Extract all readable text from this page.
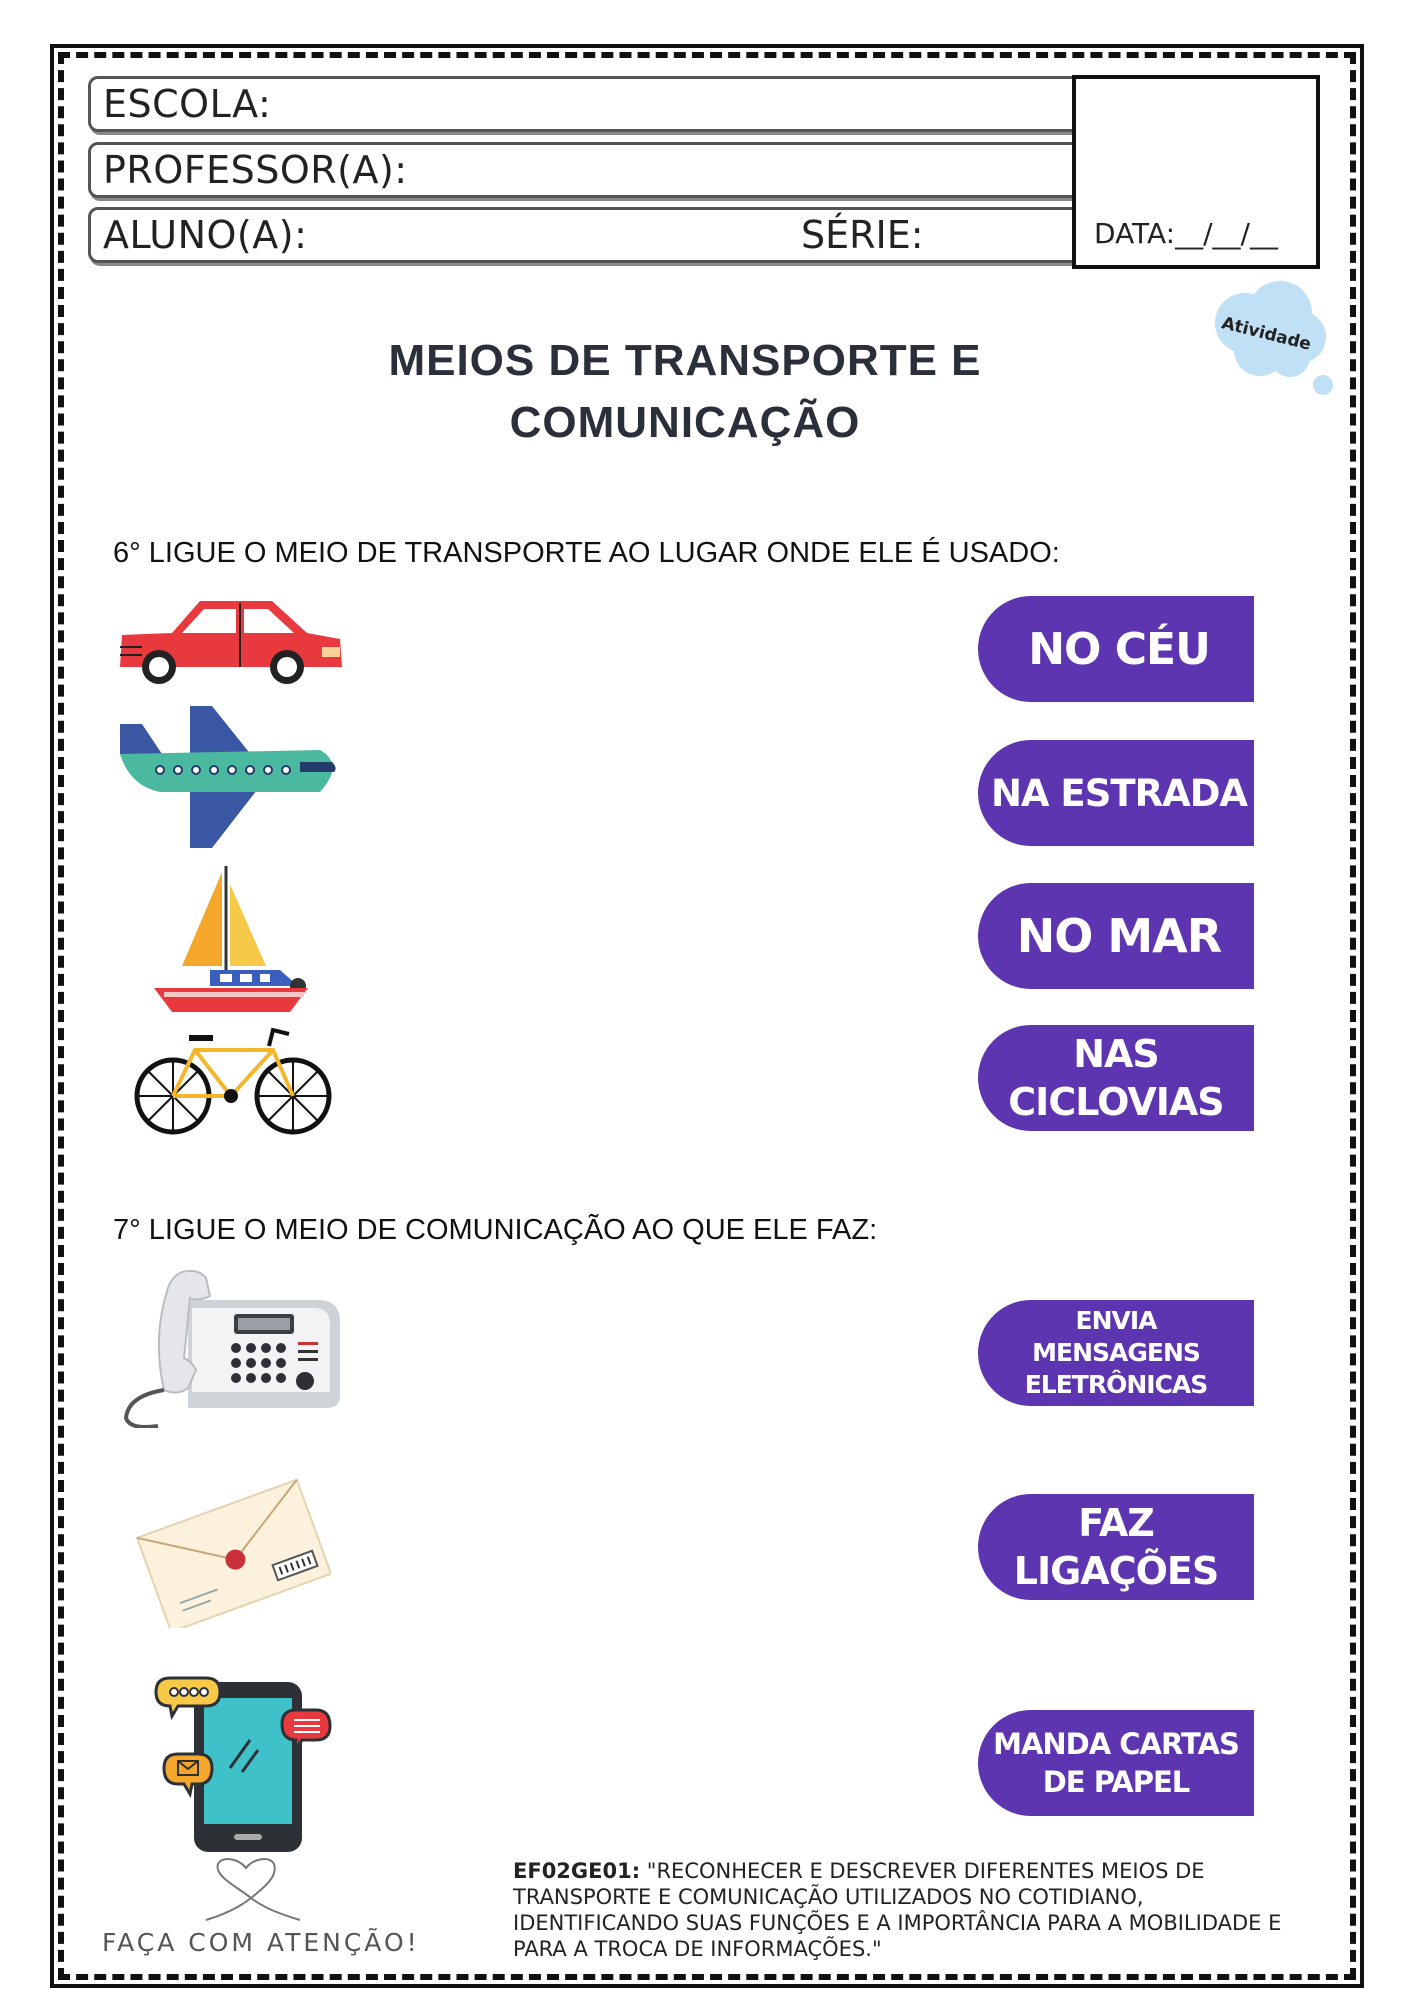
ESCOLA:
PROFESSOR(A):
ALUNO(A):	SÉRIE:	DATA:__/__/__
Atividade
MEIOS DE TRANSPORTE E
COMUNICAÇÃO
6° LIGUE O MEIO DE TRANSPORTE AO LUGAR ONDE ELE É USADO:
NO CÉU
NA ESTRADA
NO MAR
NAS CICLOVIAS
7° LIGUE O MEIO DE COMUNICAÇÃO AO QUE ELE FAZ:
ENVIA MENSAGENS ELETRÔNICAS
FAZ LIGAÇÕES
MANDA CARTAS DE PAPEL
EF02GE01: "RECONHECER E DESCREVER DIFERENTES MEIOS DE TRANSPORTE E COMUNICAÇÃO UTILIZADOS NO COTIDIANO, IDENTIFICANDO SUAS FUNÇÕES E A IMPORTÂNCIA PARA A MOBILIDADE E PARA A TROCA DE INFORMAÇÕES."
FAÇA COM ATENÇÃO!
